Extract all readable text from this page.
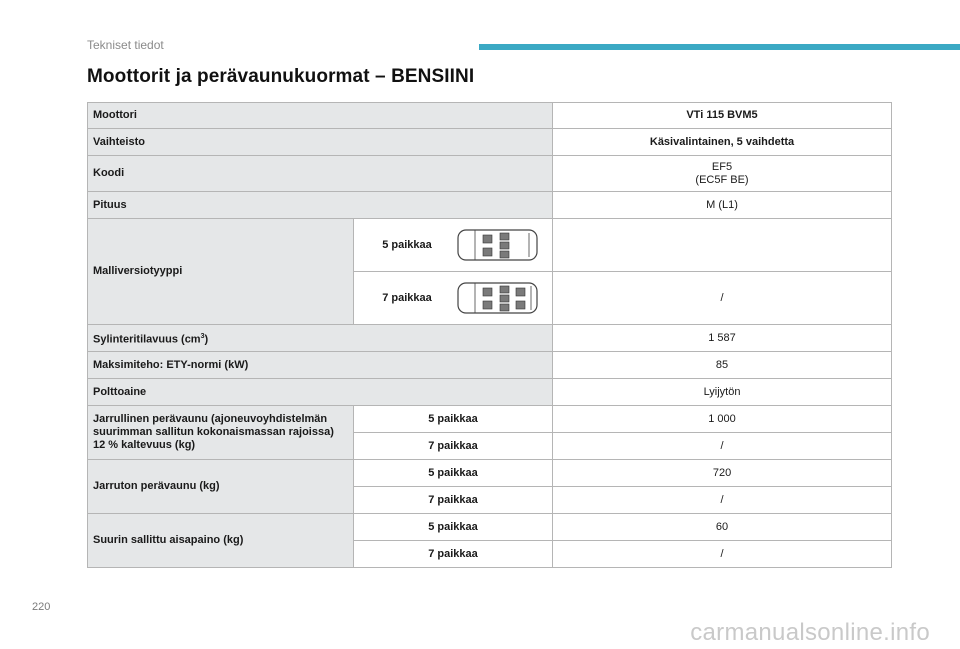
Tekniset tiedot
Moottorit ja perävaunukuormat – BENSIINI
Moottori		VTi 115 BVM5
Vaihteisto		Käsivalintainen, 5 vaihdetta
Koodi		EF5
(EC5F BE)

Pituus		M (L1)
Malliversiotyyppi	5 paikkaa	

	7 paikkaa	/
Sylinteritilavuus $(cm^3)$		1 587
Maksimiteho: ETY-normi (kW)		85
Polttoaine		Lyijytön
Jarrullinen perävaunu (ajoneuvoyhdistelmän suurimman sallitun kokonaismassan rajoissa) 12 % kaltevuus (kg)	5 paikkaa	1 000
	7 paikkaa	/
Jarruton perävaunu (kg)	5 paikkaa	720
	7 paikkaa	/
Suurin sallittu aisapaino (kg)	5 paikkaa	60
	7 paikkaa	/
220
carmanualsonline.info
